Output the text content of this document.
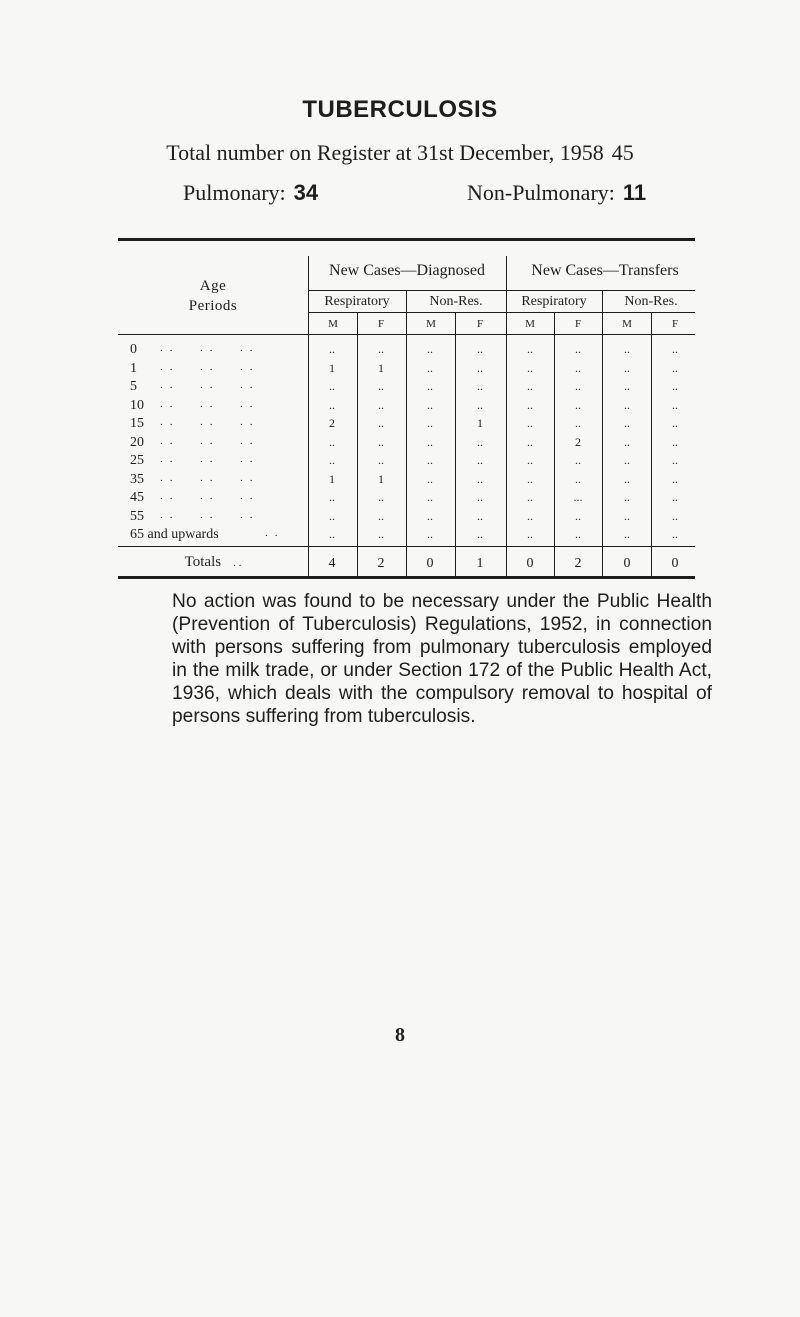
TUBERCULOSIS
Total number on Register at 31st December, 1958 45
Pulmonary: 34	Non-Pulmonary: 11
Age
Periods
New Cases—Diagnosed	New Cases—Transfers
Respiratory	Non-Res.	Respiratory	Non-Res.
M	F	M	F	M	F	M	F
0 .. .. ..	..	..	..	..	..	..	..	..
1 .. .. ..	1	1	..	..	..	..	..	..
5 .. .. ..	..	..	..	..	..	..	..	..
10 .. .. ..	..	..	..	..	..	..	..	..
15 .. .. ..	2	..	..	1	..	..	..	..
20 .. .. ..	..	..	..	..	..	2	..	..
25 .. .. ..	..	..	..	..	..	..	..	..
35 .. .. ..	1	1	..	..	..	..	..	..
45 .. .. ..	..	..	..	..	..	...	..	..
55 .. .. ..	..	..	..	..	..	..	..	..
65 and upwards	..	..	..	..	..	..	..	..	..
Totals . .	4	2	0	1	0	2	0	0
No action was found to be necessary under the Public Health (Prevention of Tuberculosis) Regulations, 1952, in connection with persons suffering from pulmonary tuberculosis employed in the milk trade, or under Section 172 of the Public Health Act, 1936, which deals with the compulsory removal to hospital of persons suffering from tuberculosis.
8
